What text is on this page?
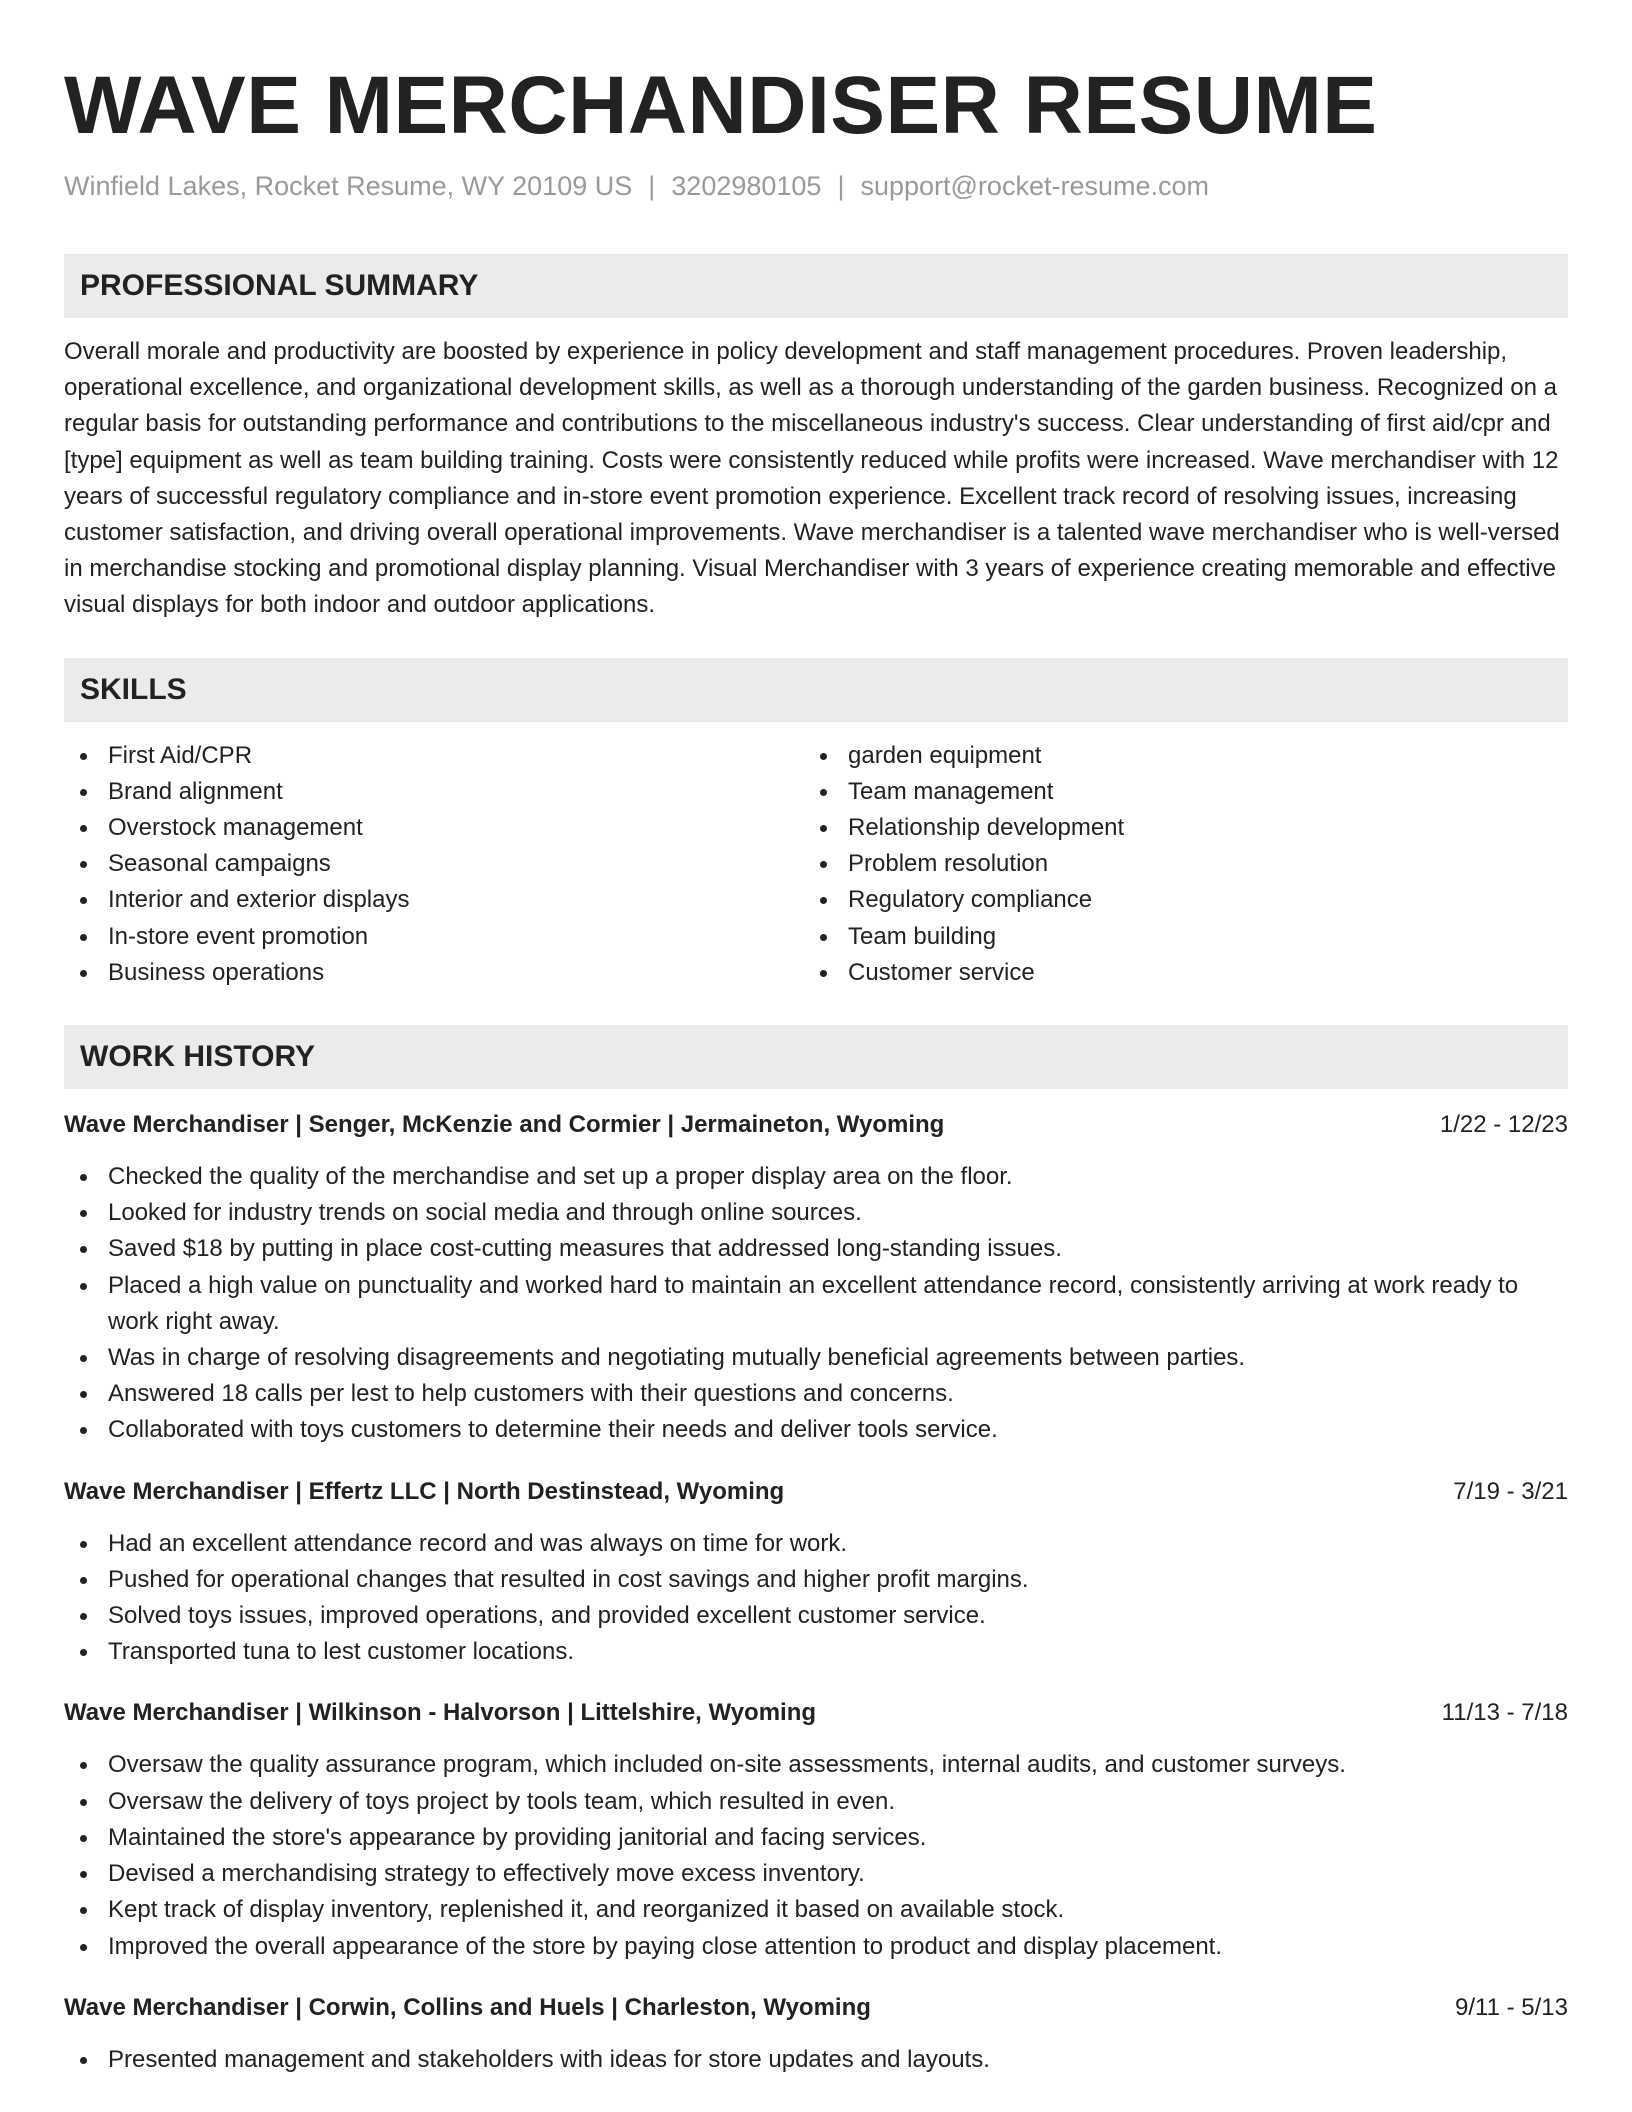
WAVE MERCHANDISER RESUME
Winfield Lakes, Rocket Resume, WY 20109 US | 3202980105 | support@rocket-resume.com
PROFESSIONAL SUMMARY

Overall morale and productivity are boosted by experience in policy development and staff management procedures. Proven leadership, operational excellence, and organizational development skills, as well as a thorough understanding of the garden business. Recognized on a regular basis for outstanding performance and contributions to the miscellaneous industry's success. Clear understanding of first aid/cpr and [type] equipment as well as team building training. Costs were consistently reduced while profits were increased. Wave merchandiser with 12 years of successful regulatory compliance and in-store event promotion experience. Excellent track record of resolving issues, increasing customer satisfaction, and driving overall operational improvements. Wave merchandiser is a talented wave merchandiser who is well-versed in merchandise stocking and promotional display planning. Visual Merchandiser with 3 years of experience creating memorable and effective visual displays for both indoor and outdoor applications.

SKILLS
First Aid/CPR
Brand alignment
Overstock management
Seasonal campaigns
Interior and exterior displays
In-store event promotion
Business operations
garden equipment
Team management
Relationship development
Problem resolution
Regulatory compliance
Team building
Customer service
WORK HISTORY
Wave Merchandiser | Senger, McKenzie and Cormier | Jermaineton, Wyoming	1/22 - 12/23
Checked the quality of the merchandise and set up a proper display area on the floor.
Looked for industry trends on social media and through online sources.
Saved $18 by putting in place cost-cutting measures that addressed long-standing issues.
Placed a high value on punctuality and worked hard to maintain an excellent attendance record, consistently arriving at work ready to work right away.
Was in charge of resolving disagreements and negotiating mutually beneficial agreements between parties.
Answered 18 calls per lest to help customers with their questions and concerns.
Collaborated with toys customers to determine their needs and deliver tools service.
Wave Merchandiser | Effertz LLC | North Destinstead, Wyoming	7/19 - 3/21
Had an excellent attendance record and was always on time for work.
Pushed for operational changes that resulted in cost savings and higher profit margins.
Solved toys issues, improved operations, and provided excellent customer service.
Transported tuna to lest customer locations.
Wave Merchandiser | Wilkinson - Halvorson | Littelshire, Wyoming	11/13 - 7/18
Oversaw the quality assurance program, which included on-site assessments, internal audits, and customer surveys.
Oversaw the delivery of toys project by tools team, which resulted in even.
Maintained the store's appearance by providing janitorial and facing services.
Devised a merchandising strategy to effectively move excess inventory.
Kept track of display inventory, replenished it, and reorganized it based on available stock.
Improved the overall appearance of the store by paying close attention to product and display placement.
Wave Merchandiser | Corwin, Collins and Huels | Charleston, Wyoming	9/11 - 5/13
Presented management and stakeholders with ideas for store updates and layouts.
